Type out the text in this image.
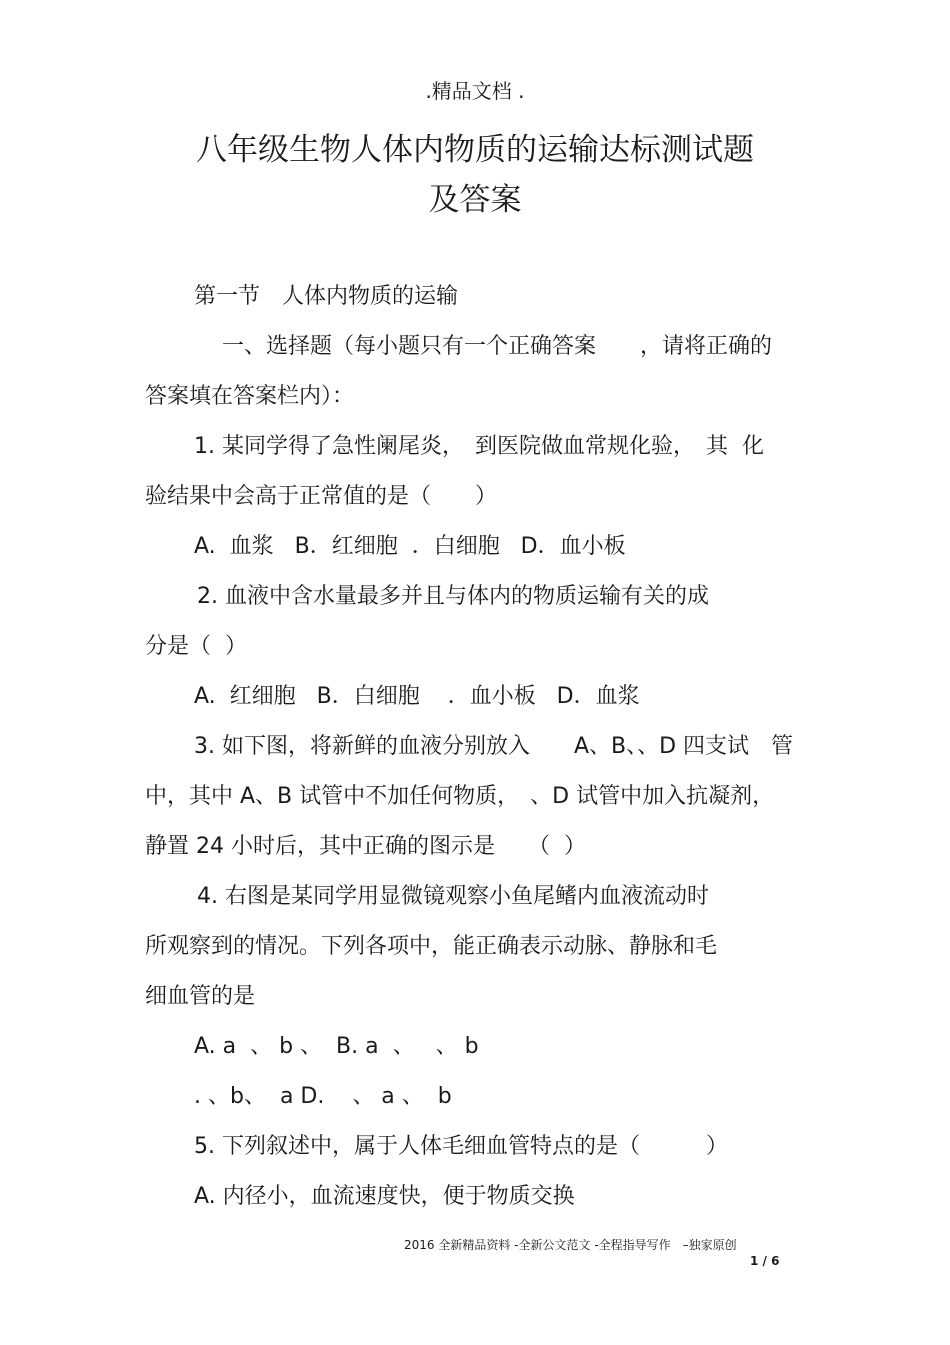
.精品文档 .
八年级生物人体内物质的运输达标测试题
及答案
第一节　人体内物质的运输
一、选择题（每小题只有一个正确答案　　，请将正确的
答案填在答案栏内）：
1. 某同学得了急性阑尾炎，　到医院做血常规化验，　其  化
验结果中会高于正常值的是（　　）
A.  血浆   B．红细胞  ．白细胞   D．血小板
2. 血液中含水量最多并且与体内的物质运输有关的成
分是（  ）
A.  红细胞   B．白细胞    ．血小板   D．血浆
3. 如下图，将新鲜的血液分别放入　　A、B、、D 四支试　管
中，其中 A、B 试管中不加任何物质，　、D 试管中加入抗凝剂，
静置 24 小时后，其中正确的图示是　　（  ）
4. 右图是某同学用显微镜观察小鱼尾鳍内血液流动时
所观察到的情况。下列各项中，能正确表示动脉、静脉和毛
细血管的是
A. a  、 b 、  B. a  、   、 b
. 、b、  a D.    、 a 、  b
5. 下列叙述中，属于人体毛细血管特点的是（　　　）
A. 内径小，血流速度快，便于物质交换
2016 全新精品资料 -全新公文范文 -全程指导写作　–独家原创
1 / 6
